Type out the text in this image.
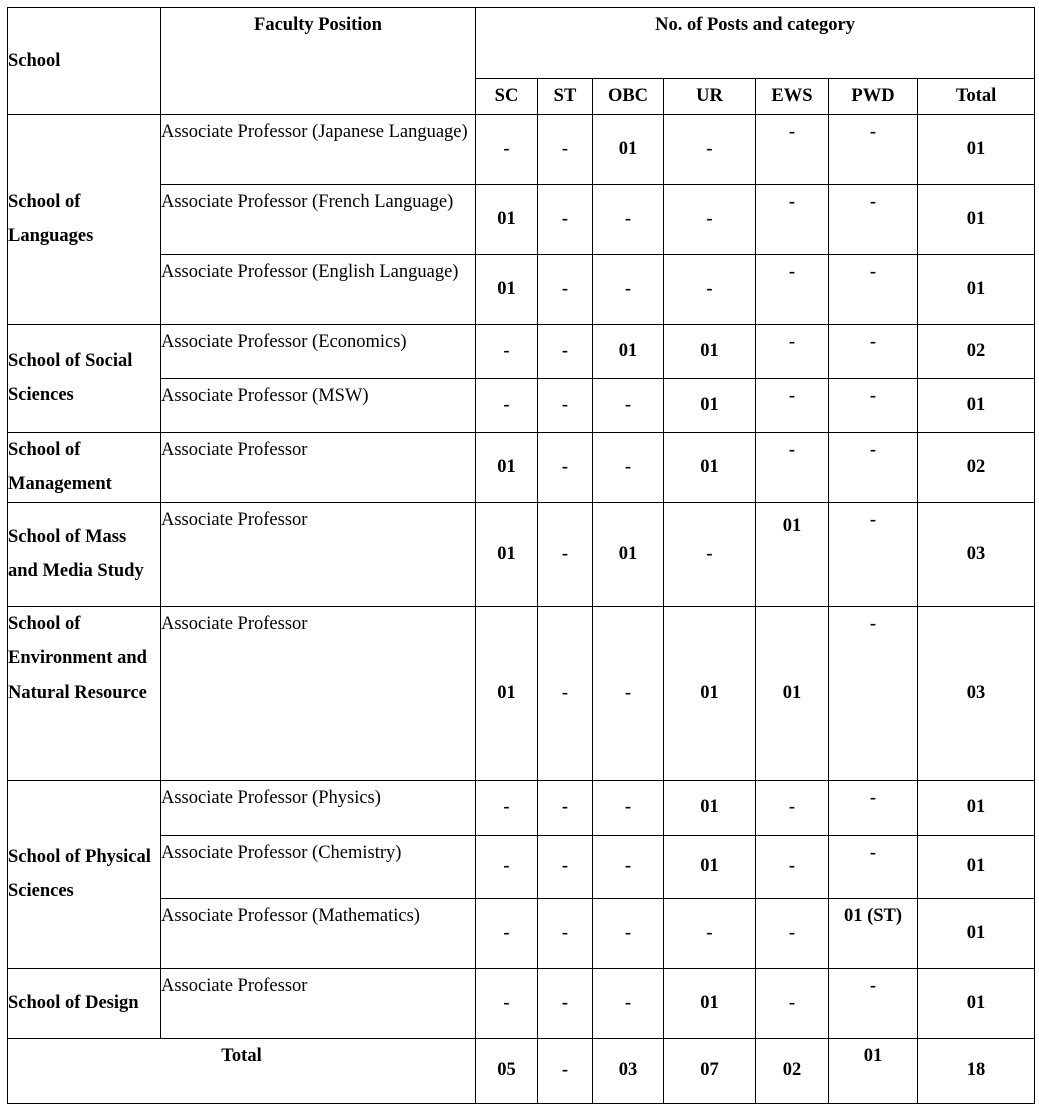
School	Faculty Position	No. of Posts and category						
		SC	ST	OBC	UR	EWS	PWD	Total
School of Languages	Associate Professor (Japanese Language)	-	-	01	-	-	-	01
	Associate Professor (French Language)	01	-	-	-	-	-	01
	Associate Professor (English Language)	01	-	-	-	-	-	01
School of Social Sciences	Associate Professor (Economics)	-	-	01	01	-	-	02
	Associate Professor (MSW)	-	-	-	01	-	-	01
School of Management	Associate Professor	01	-	-	01	-	-	02
School of Mass and Media Study	Associate Professor	01	-	01	-	01	-	03
School of Environment and Natural Resource	Associate Professor	01	-	-	01	01	-	03
School of Physical Sciences	Associate Professor (Physics)	-	-	-	01	-	-	01
	Associate Professor (Chemistry)	-	-	-	01	-	-	01
	Associate Professor (Mathematics)	-	-	-	-	-	01 (ST)	01
School of Design	Associate Professor	-	-	-	01	-	-	01
Total		05	-	03	07	02	01	18
